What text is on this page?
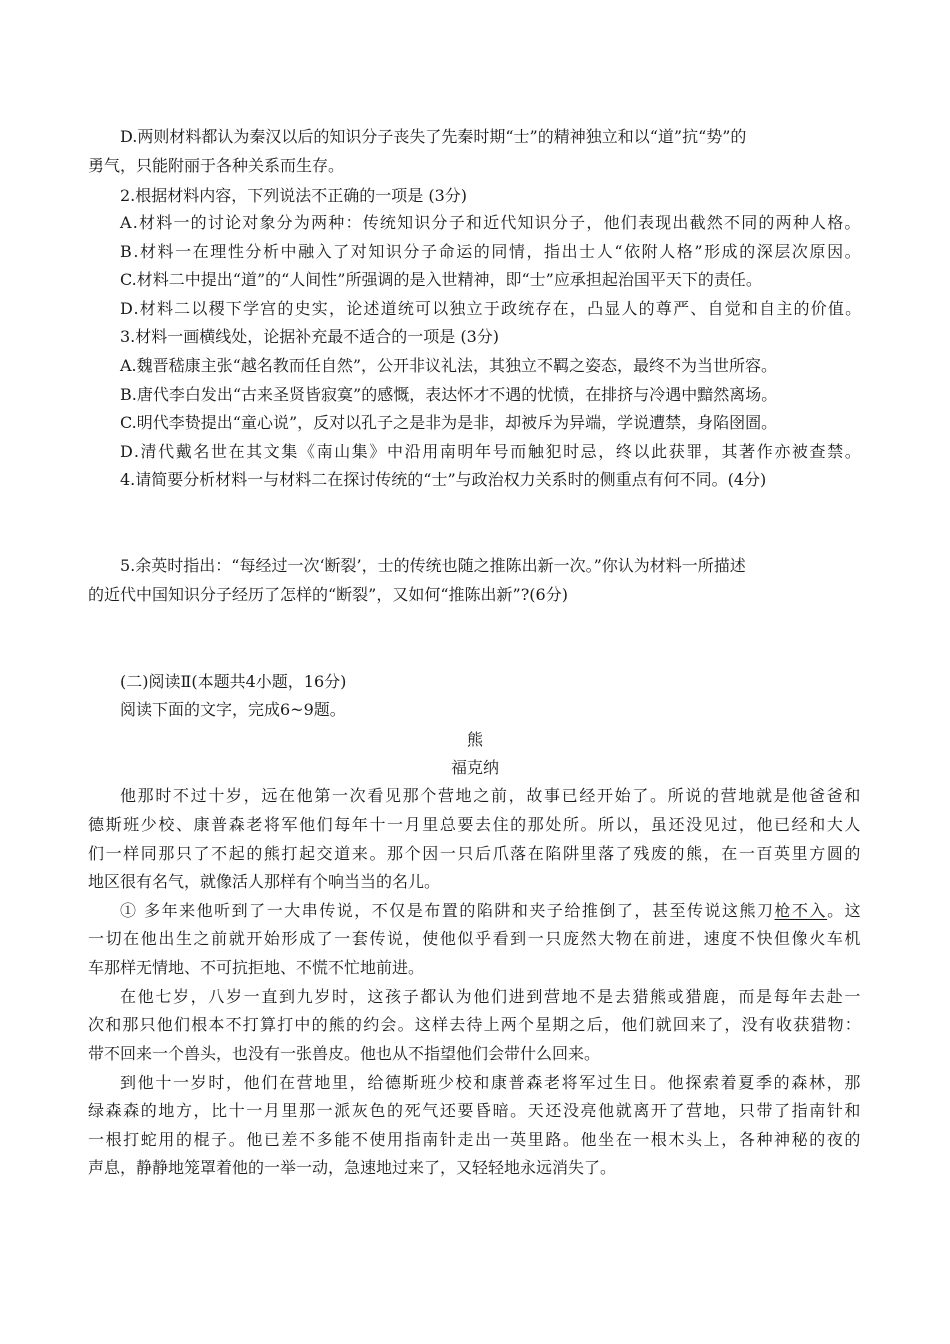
D.两则材料都认为秦汉以后的知识分子丧失了先秦时期“士”的精神独立和以“道”抗“势”的
勇气，只能附丽于各种关系而生存。
2.根据材料内容，下列说法不正确的一项是 (3分)
A.材料一的讨论对象分为两种：传统知识分子和近代知识分子，他们表现出截然不同的两种人格。
B.材料一在理性分析中融入了对知识分子命运的同情，指出士人“依附人格”形成的深层次原因。
C.材料二中提出“道”的“人间性”所强调的是入世精神，即“士”应承担起治国平天下的责任。
D.材料二以稷下学宫的史实，论述道统可以独立于政统存在，凸显人的尊严、自觉和自主的价值。
3.材料一画横线处，论据补充最不适合的一项是 (3分)
A.魏晋嵇康主张“越名教而任自然”，公开非议礼法，其独立不羁之姿态，最终不为当世所容。
B.唐代李白发出“古来圣贤皆寂寞”的感慨，表达怀才不遇的忧愤，在排挤与冷遇中黯然离场。
C.明代李贽提出“童心说”，反对以孔子之是非为是非，却被斥为异端，学说遭禁，身陷囹圄。
D.清代戴名世在其文集《南山集》中沿用南明年号而触犯时忌，终以此获罪，其著作亦被查禁。
4.请简要分析材料一与材料二在探讨传统的“士”与政治权力关系时的侧重点有何不同。(4分)
5.余英时指出：“每经过一次‘断裂’，士的传统也随之推陈出新一次。”你认为材料一所描述
的近代中国知识分子经历了怎样的“断裂”，又如何“推陈出新”?(6分)
(二)阅读Ⅱ(本题共4小题，16分)
阅读下面的文字，完成6~9题。
熊
福克纳
他那时不过十岁，远在他第一次看见那个营地之前，故事已经开始了。所说的营地就是他爸爸和
德斯班少校、康普森老将军他们每年十一月里总要去住的那处所。所以，虽还没见过，他已经和大人
们一样同那只了不起的熊打起交道来。那个因一只后爪落在陷阱里落了残废的熊，在一百英里方圆的
地区很有名气，就像活人那样有个响当当的名儿。
① 多年来他听到了一大串传说，不仅是布置的陷阱和夹子给推倒了，甚至传说这熊刀枪不入。这
一切在他出生之前就开始形成了一套传说，使他似乎看到一只庞然大物在前进，速度不快但像火车机
车那样无情地、不可抗拒地、不慌不忙地前进。
在他七岁，八岁一直到九岁时，这孩子都认为他们进到营地不是去猎熊或猎鹿，而是每年去赴一
次和那只他们根本不打算打中的熊的约会。这样去待上两个星期之后，他们就回来了，没有收获猎物：
带不回来一个兽头，也没有一张兽皮。他也从不指望他们会带什么回来。
到他十一岁时，他们在营地里，给德斯班少校和康普森老将军过生日。他探索着夏季的森林，那
绿森森的地方，比十一月里那一派灰色的死气还要昏暗。天还没亮他就离开了营地，只带了指南针和
一根打蛇用的棍子。他已差不多能不使用指南针走出一英里路。他坐在一根木头上，各种神秘的夜的
声息，静静地笼罩着他的一举一动，急速地过来了，又轻轻地永远消失了。
